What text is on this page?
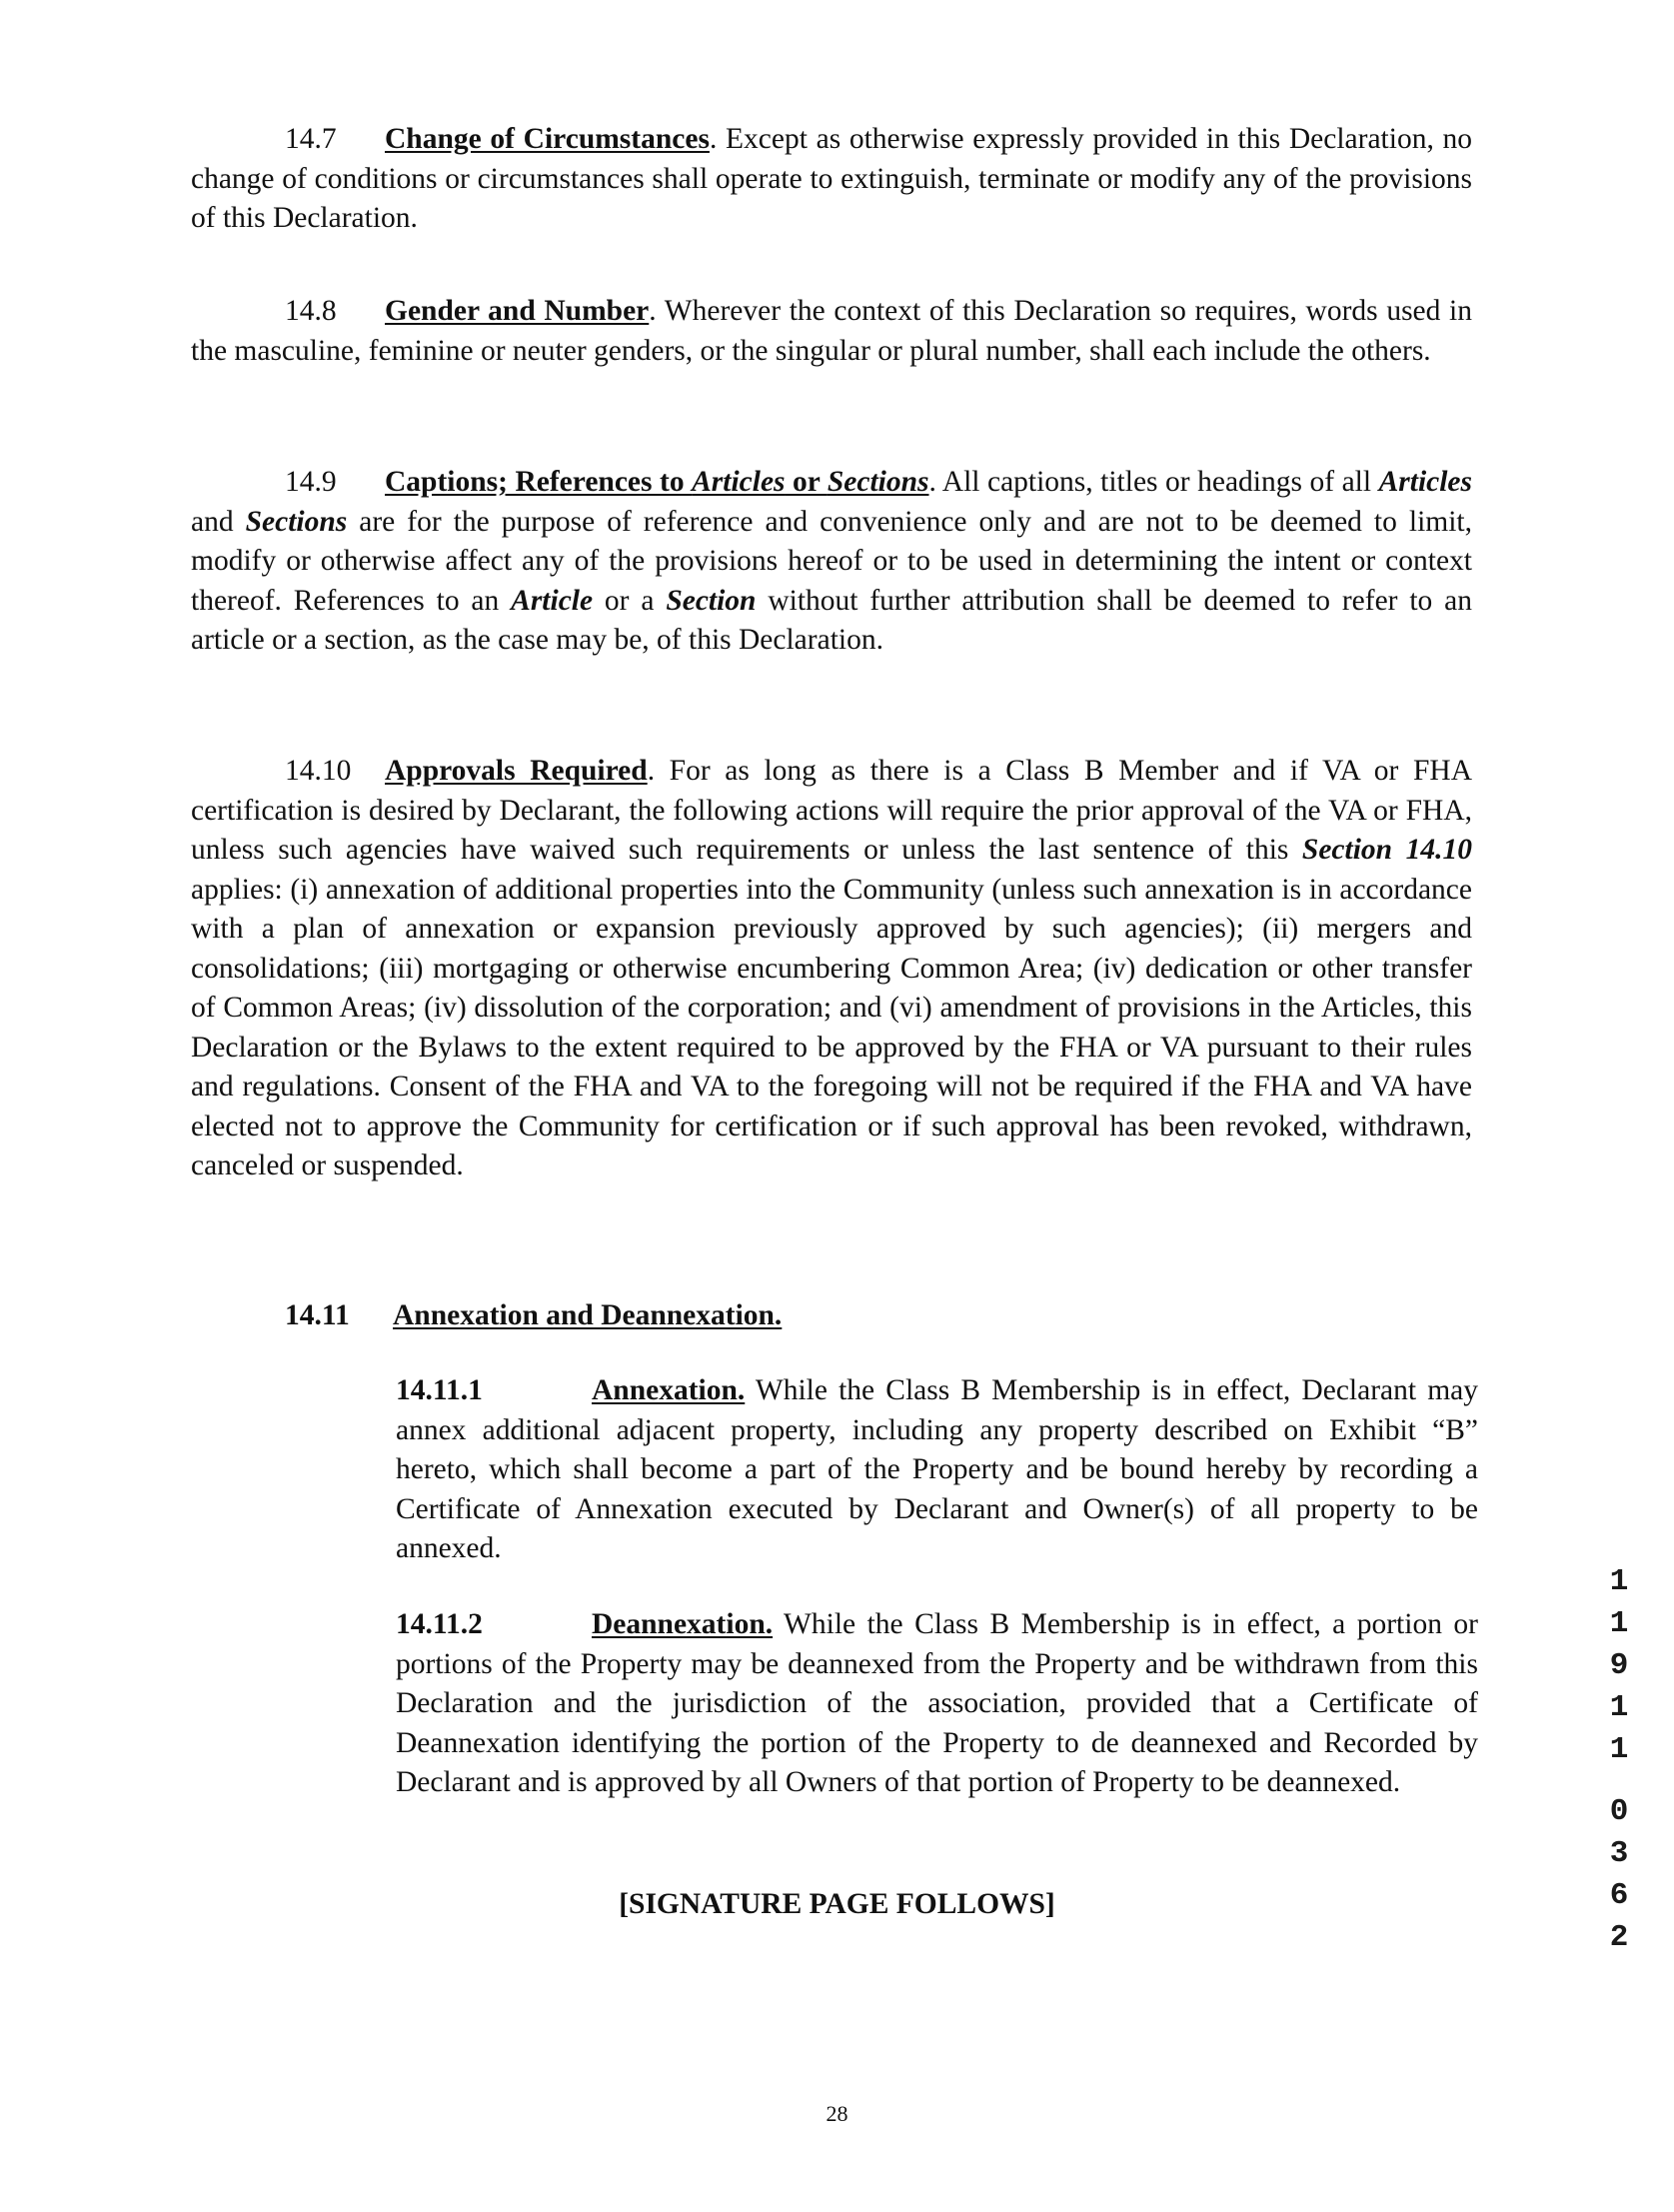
14.7 Change of Circumstances. Except as otherwise expressly provided in this Declaration, no change of conditions or circumstances shall operate to extinguish, terminate or modify any of the provisions of this Declaration.

14.8 Gender and Number. Wherever the context of this Declaration so requires, words used in the masculine, feminine or neuter genders, or the singular or plural number, shall each include the others.

14.9 Captions; References to Articles or Sections. All captions, titles or headings of all Articles and Sections are for the purpose of reference and convenience only and are not to be deemed to limit, modify or otherwise affect any of the provisions hereof or to be used in determining the intent or context thereof. References to an Article or a Section without further attribution shall be deemed to refer to an article or a section, as the case may be, of this Declaration.

14.10 Approvals Required. For as long as there is a Class B Member and if VA or FHA certification is desired by Declarant, the following actions will require the prior approval of the VA or FHA, unless such agencies have waived such requirements or unless the last sentence of this Section 14.10 applies: (i) annexation of additional properties into the Community (unless such annexation is in accordance with a plan of annexation or expansion previously approved by such agencies); (ii) mergers and consolidations; (iii) mortgaging or otherwise encumbering Common Area; (iv) dedication or other transfer of Common Areas; (iv) dissolution of the corporation; and (vi) amendment of provisions in the Articles, this Declaration or the Bylaws to the extent required to be approved by the FHA or VA pursuant to their rules and regulations. Consent of the FHA and VA to the foregoing will not be required if the FHA and VA have elected not to approve the Community for certification or if such approval has been revoked, withdrawn, canceled or suspended.

14.11 Annexation and Deannexation.

14.11.1	Annexation. While the Class B Membership is in effect, Declarant may annex additional adjacent property, including any property described on Exhibit “B” hereto, which shall become a part of the Property and be bound hereby by recording a Certificate of Annexation executed by Declarant and Owner(s) of all property to be annexed.

14.11.2	Deannexation. While the Class B Membership is in effect, a portion or portions of the Property may be deannexed from the Property and be withdrawn from this Declaration and the jurisdiction of the association, provided that a Certificate of Deannexation identifying the portion of the Property to de deannexed and Recorded by Declarant and is approved by all Owners of that portion of Property to be deannexed.

[SIGNATURE PAGE FOLLOWS]
28
1
1
9
1
1
0
3
6
2
